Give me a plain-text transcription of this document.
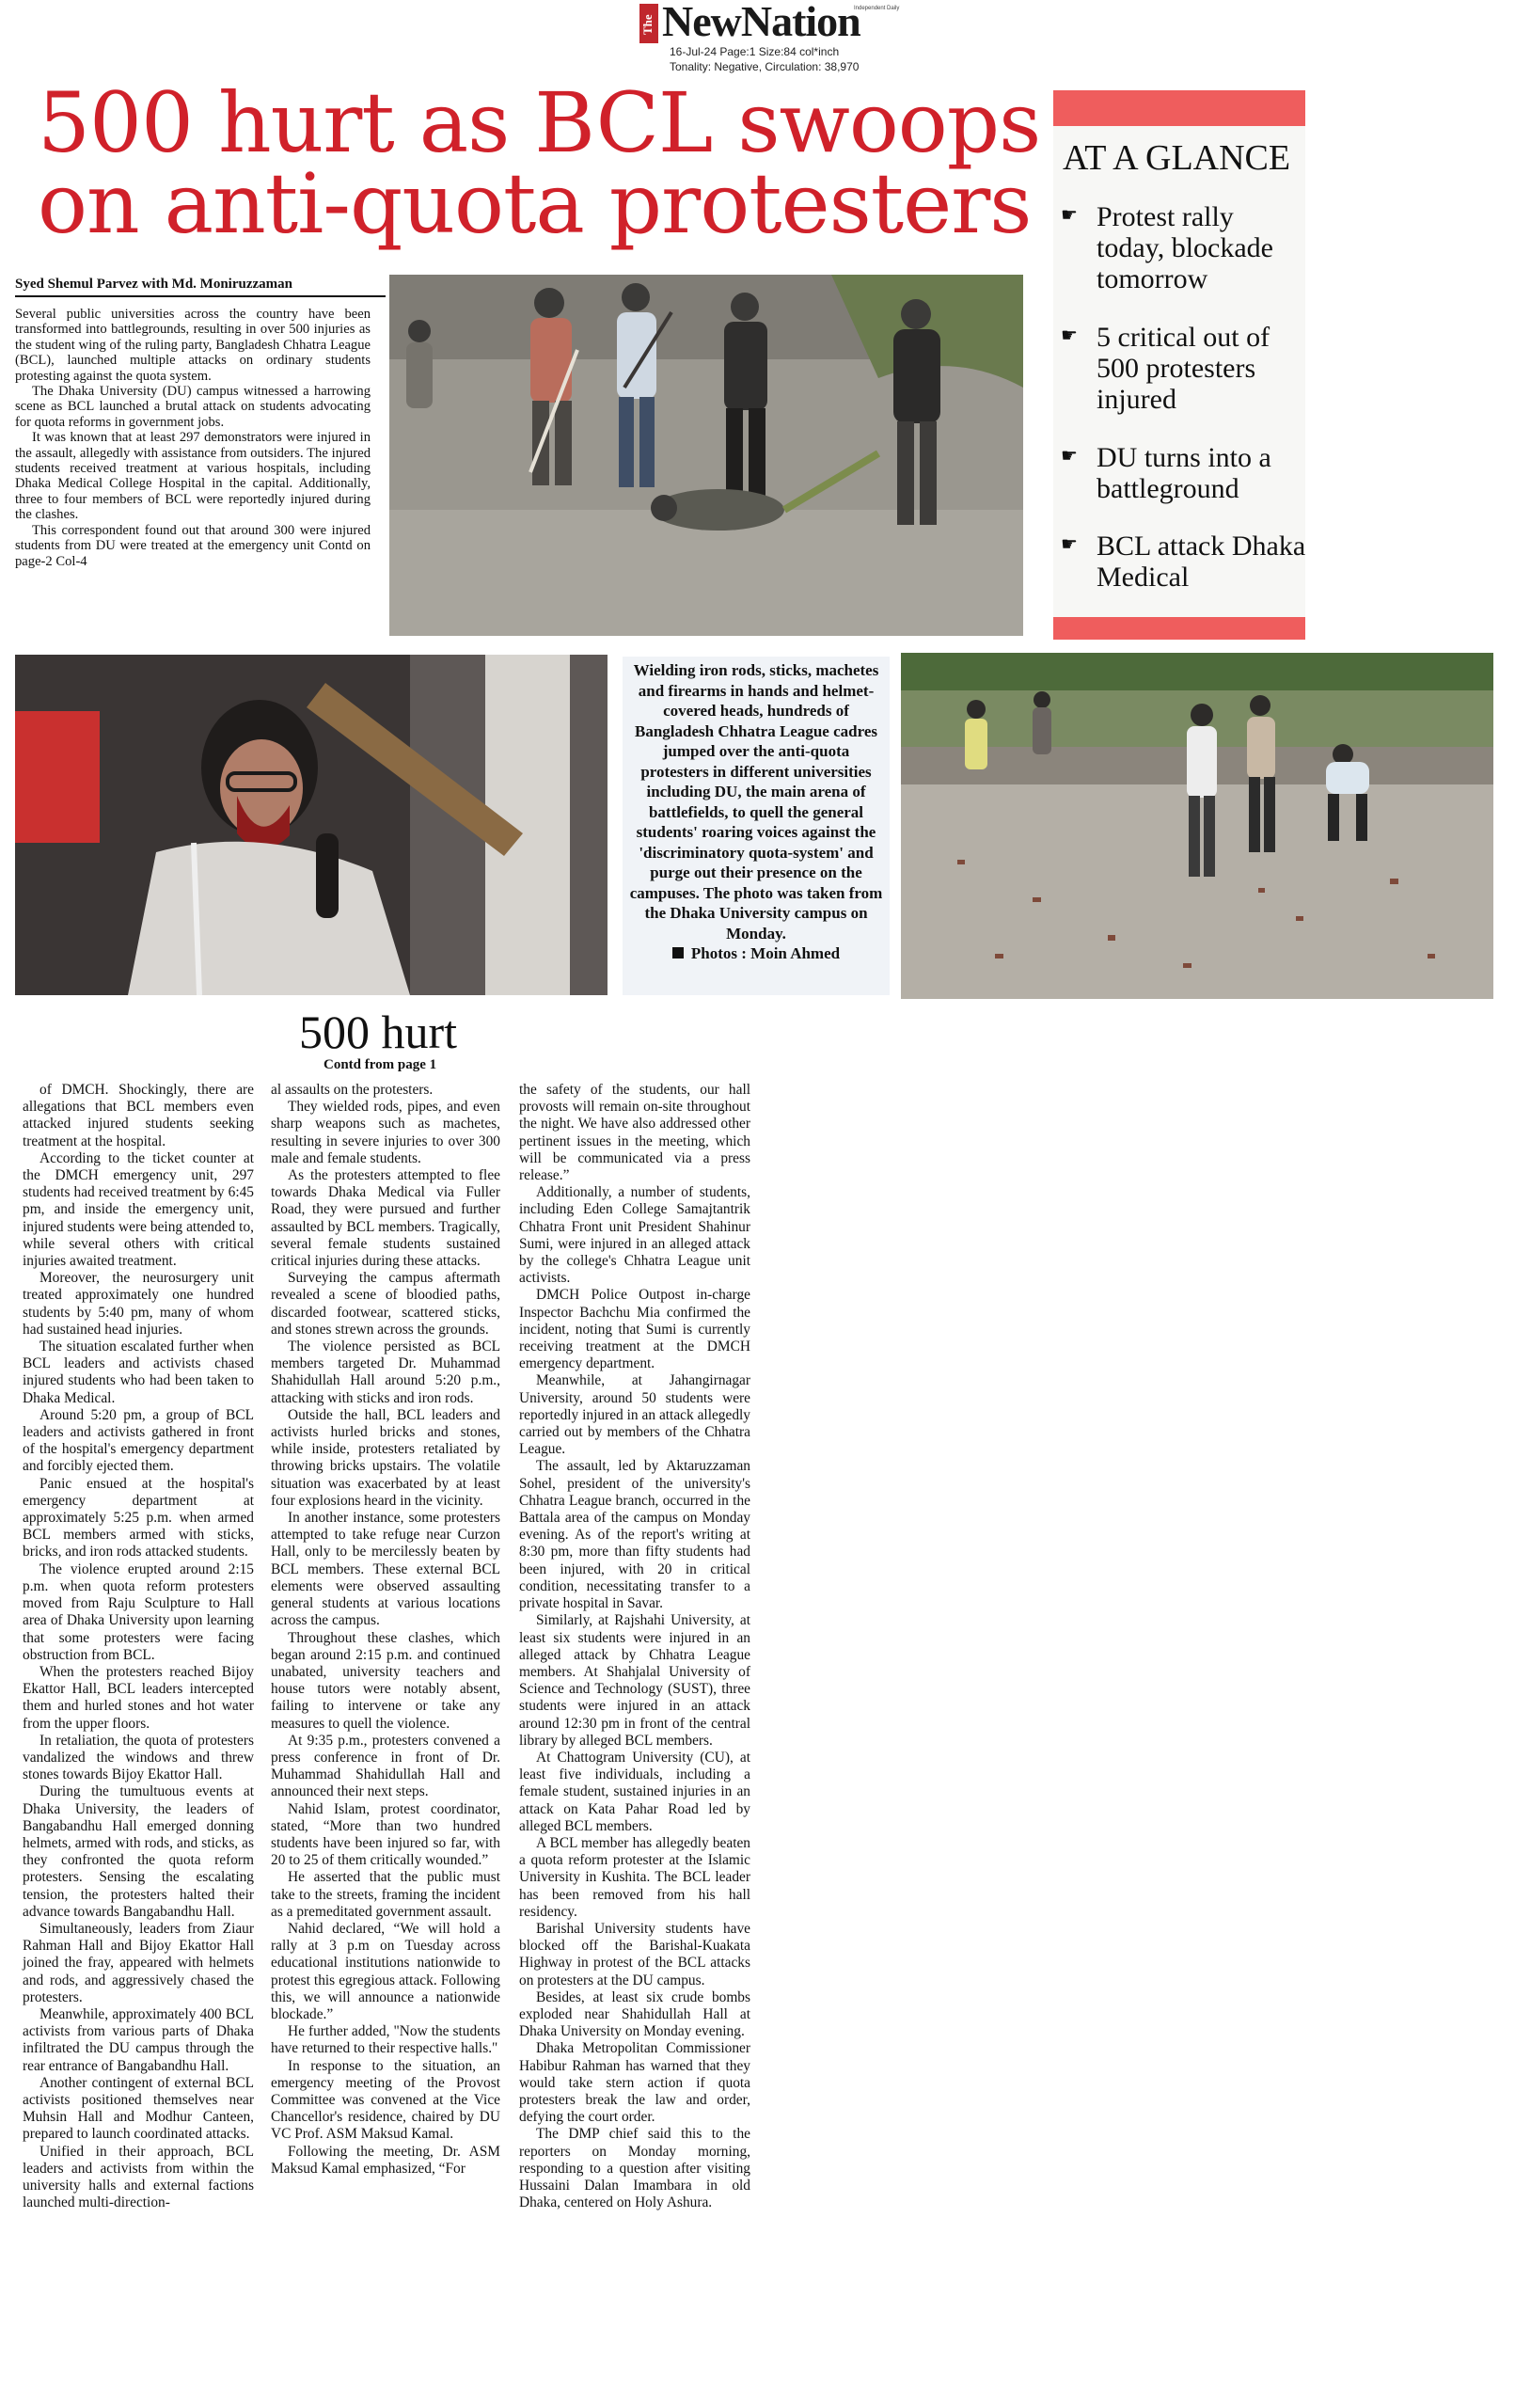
The NewNation
Independent Daily
16-Jul-24 Page:1 Size:84 col*inch
Tonality: Negative, Circulation: 38,970
500 hurt as BCL swoops
on anti-quota protesters AT A GLANCE
☛ Protest rally today, blockade tomorrow
☛ 5 critical out of 500 protesters injured
☛ DU turns into a battleground
☛ BCL attack Dhaka Medical
Syed Shemul Parvez with Md. Moniruzzaman

Several public universities across the country have been transformed into battlegrounds, resulting in over 500 injuries as the student wing of the ruling party, Bangladesh Chhatra League (BCL), launched multiple attacks on ordinary students protesting against the quota system.

The Dhaka University (DU) campus witnessed a harrowing scene as BCL launched a brutal attack on students advocating for quota reforms in government jobs.

It was known that at least 297 demonstrators were injured in the assault, allegedly with assistance from outsiders. The injured students received treatment at various hospitals, including Dhaka Medical College Hospital in the capital. Additionally, three to four members of BCL were reportedly injured during the clashes.

This correspondent found out that around 300 were injured students from DU were treated at the emergency unit Contd on page-2 Col-4

Wielding iron rods, sticks, machetes and firearms in hands and helmet-covered heads, hundreds of Bangladesh Chhatra League cadres jumped over the anti-quota protesters in different universities including DU, the main arena of battlefields, to quell the general students' roaring voices against the 'discriminatory quota-system' and purge out their presence on the campuses. The photo was taken from the Dhaka University campus on Monday.
Photos : Moin Ahmed
500 hurt
Contd from page 1

of DMCH. Shockingly, there are allegations that BCL members even attacked injured students seeking treatment at the hospital.

According to the ticket counter at the DMCH emergency unit, 297 students had received treatment by 6:45 pm, and inside the emergency unit, injured students were being attended to, while several others with critical injuries awaited treatment.

Moreover, the neurosurgery unit treated approximately one hundred students by 5:40 pm, many of whom had sustained head injuries.

The situation escalated further when BCL leaders and activists chased injured students who had been taken to Dhaka Medical.

Around 5:20 pm, a group of BCL leaders and activists gathered in front of the hospital's emergency department and forcibly ejected them.

Panic ensued at the hospital's emergency department at approximately 5:25 p.m. when armed BCL members armed with sticks, bricks, and iron rods attacked students.

The violence erupted around 2:15 p.m. when quota reform protesters moved from Raju Sculpture to Hall area of Dhaka University upon learning that some protesters were facing obstruction from BCL.

When the protesters reached Bijoy Ekattor Hall, BCL leaders intercepted them and hurled stones and hot water from the upper floors.

In retaliation, the quota of protesters vandalized the windows and threw stones towards Bijoy Ekattor Hall.

During the tumultuous events at Dhaka University, the leaders of Bangabandhu Hall emerged donning helmets, armed with rods, and sticks, as they confronted the quota reform protesters. Sensing the escalating tension, the protesters halted their advance towards Bangabandhu Hall.

Simultaneously, leaders from Ziaur Rahman Hall and Bijoy Ekattor Hall joined the fray, appeared with helmets and rods, and aggressively chased the protesters.

Meanwhile, approximately 400 BCL activists from various parts of Dhaka infiltrated the DU campus through the rear entrance of Bangabandhu Hall.

Another contingent of external BCL activists positioned themselves near Muhsin Hall and Modhur Canteen, prepared to launch coordinated attacks.

Unified in their approach, BCL leaders and activists from within the university halls and external factions launched multi-direction-

al assaults on the protesters.

They wielded rods, pipes, and even sharp weapons such as machetes, resulting in severe injuries to over 300 male and female students.

As the protesters attempted to flee towards Dhaka Medical via Fuller Road, they were pursued and further assaulted by BCL members. Tragically, several female students sustained critical injuries during these attacks.

Surveying the campus aftermath revealed a scene of bloodied paths, discarded footwear, scattered sticks, and stones strewn across the grounds.

The violence persisted as BCL members targeted Dr. Muhammad Shahidullah Hall around 5:20 p.m., attacking with sticks and iron rods.

Outside the hall, BCL leaders and activists hurled bricks and stones, while inside, protesters retaliated by throwing bricks upstairs. The volatile situation was exacerbated by at least four explosions heard in the vicinity.

In another instance, some protesters attempted to take refuge near Curzon Hall, only to be mercilessly beaten by BCL members. These external BCL elements were observed assaulting general students at various locations across the campus.

Throughout these clashes, which began around 2:15 p.m. and continued unabated, university teachers and house tutors were notably absent, failing to intervene or take any measures to quell the violence.

At 9:35 p.m., protesters convened a press conference in front of Dr. Muhammad Shahidullah Hall and announced their next steps.

Nahid Islam, protest coordinator, stated, “More than two hundred students have been injured so far, with 20 to 25 of them critically wounded.”

He asserted that the public must take to the streets, framing the incident as a premeditated government assault.

Nahid declared, “We will hold a rally at 3 p.m on Tuesday across educational institutions nationwide to protest this egregious attack. Following this, we will announce a nationwide blockade.”

He further added, "Now the students have returned to their respective halls."

In response to the situation, an emergency meeting of the Provost Committee was convened at the Vice Chancellor's residence, chaired by DU VC Prof. ASM Maksud Kamal.

Following the meeting, Dr. ASM Maksud Kamal emphasized, “For

the safety of the students, our hall provosts will remain on-site throughout the night. We have also addressed other pertinent issues in the meeting, which will be communicated via a press release.”

Additionally, a number of students, including Eden College Samajtantrik Chhatra Front unit President Shahinur Sumi, were injured in an alleged attack by the college's Chhatra League unit activists.

DMCH Police Outpost in-charge Inspector Bachchu Mia confirmed the incident, noting that Sumi is currently receiving treatment at the DMCH emergency department.

Meanwhile, at Jahangirnagar University, around 50 students were reportedly injured in an attack allegedly carried out by members of the Chhatra League.

The assault, led by Aktaruzzaman Sohel, president of the university's Chhatra League branch, occurred in the Battala area of the campus on Monday evening. As of the report's writing at 8:30 pm, more than fifty students had been injured, with 20 in critical condition, necessitating transfer to a private hospital in Savar.

Similarly, at Rajshahi University, at least six students were injured in an alleged attack by Chhatra League members. At Shahjalal University of Science and Technology (SUST), three students were injured in an attack around 12:30 pm in front of the central library by alleged BCL members.

At Chattogram University (CU), at least five individuals, including a female student, sustained injuries in an attack on Kata Pahar Road led by alleged BCL members.

A BCL member has allegedly beaten a quota reform protester at the Islamic University in Kushita. The BCL leader has been removed from his hall residency.

Barishal University students have blocked off the Barishal-Kuakata Highway in protest of the BCL attacks on protesters at the DU campus.

Besides, at least six crude bombs exploded near Shahidullah Hall at Dhaka University on Monday evening.

Dhaka Metropolitan Commissioner Habibur Rahman has warned that they would take stern action if quota protesters break the law and order, defying the court order.

The DMP chief said this to the reporters on Monday morning, responding to a question after visiting Hussaini Dalan Imambara in old Dhaka, centered on Holy Ashura.
